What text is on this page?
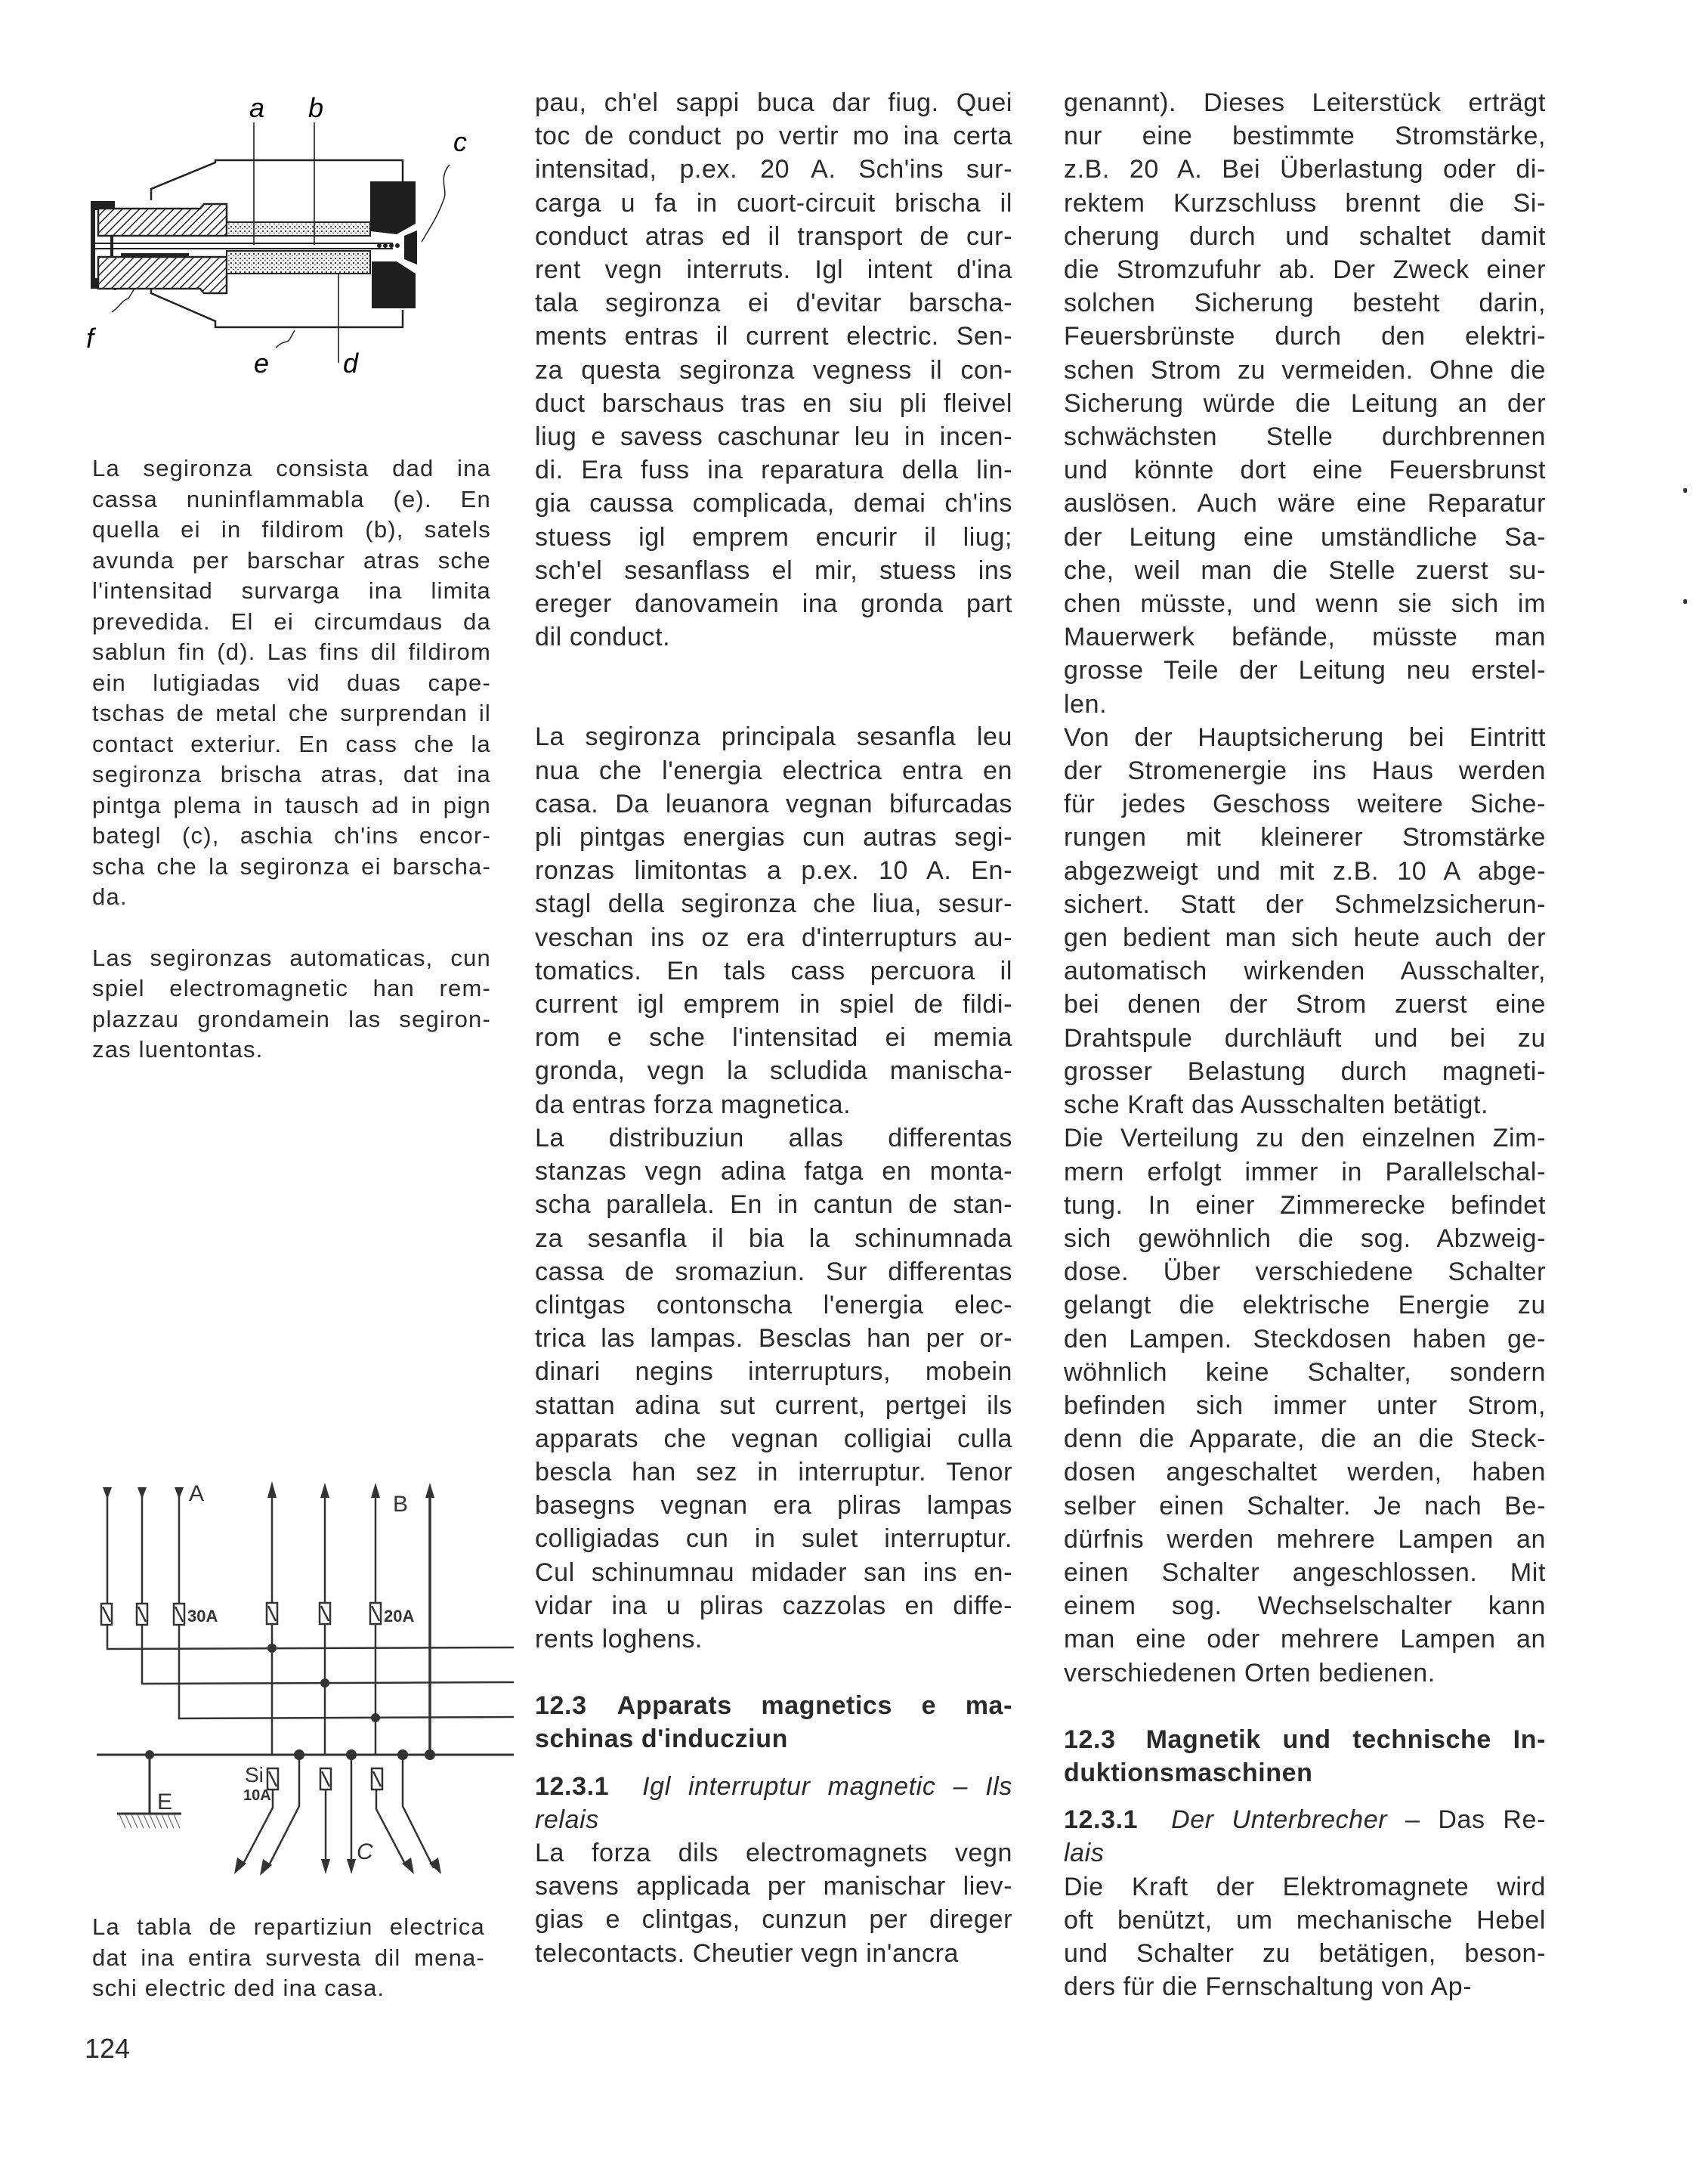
a b
c
f
e	d
La segironza consista dad ina
cassa nuninflammabla (e). En
quella ei in fildirom (b), satels
avunda per barschar atras sche
l'intensitad survarga ina limita
prevedida. El ei circumdaus da
sablun fin (d). Las fins dil fildirom
ein lutigiadas vid duas cape-
tschas de metal che surprendan il
contact exteriur. En cass che la
segironza brischa atras, dat ina
pintga plema in tausch ad in pign
bategl (c), aschia ch'ins encor-
scha che la segironza ei barscha-
da.
Las segironzas automaticas, cun
spiel electromagnetic han rem-
plazzau grondamein las segiron-
zas luentontas.
A	B
30A	20A
Si
10A
E
C
La tabla de repartiziun electrica
dat ina entira survesta dil mena-
schi electric ded ina casa.
124
pau, ch'el sappi buca dar fiug. Quei
toc de conduct po vertir mo ina certa
intensitad, p.ex. 20 A. Sch'ins sur-
carga u fa in cuort-circuit brischa il
conduct atras ed il transport de cur-
rent vegn interruts. Igl intent d'ina
tala segironza ei d'evitar barscha-
ments entras il current electric. Sen-
za questa segironza vegness il con-
duct barschaus tras en siu pli fleivel
liug e savess caschunar leu in incen-
di. Era fuss ina reparatura della lin-
gia caussa complicada, demai ch'ins
stuess igl emprem encurir il liug;
sch'el sesanflass el mir, stuess ins
ereger danovamein ina gronda part
dil conduct.
La segironza principala sesanfla leu
nua che l'energia electrica entra en
casa. Da leuanora vegnan bifurcadas
pli pintgas energias cun autras segi-
ronzas limitontas a p.ex. 10 A. En-
stagl della segironza che liua, sesur-
veschan ins oz era d'interrupturs au-
tomatics. En tals cass percuora il
current igl emprem in spiel de fildi-
rom e sche l'intensitad ei memia
gronda, vegn la scludida manischa-
da entras forza magnetica.
La distribuziun allas differentas
stanzas vegn adina fatga en monta-
scha parallela. En in cantun de stan-
za sesanfla il bia la schinumnada
cassa de sromaziun. Sur differentas
clintgas contonscha l'energia elec-
trica las lampas. Besclas han per or-
dinari negins interrupturs, mobein
stattan adina sut current, pertgei ils
apparats che vegnan colligiai culla
bescla han sez in interruptur. Tenor
basegns vegnan era pliras lampas
colligiadas cun in sulet interruptur.
Cul schinumnau midader san ins en-
vidar ina u pliras cazzolas en diffe-
rents loghens.
12.3 Apparats magnetics e ma-
schinas d'inducziun
12.3.1 Igl interruptur magnetic – Ils
relais
La forza dils electromagnets vegn
savens applicada per manischar liev-
gias e clintgas, cunzun per direger
telecontacts. Cheutier vegn in'ancra
genannt). Dieses Leiterstück erträgt
nur eine bestimmte Stromstärke,
z.B. 20 A. Bei Überlastung oder di-
rektem Kurzschluss brennt die Si-
cherung durch und schaltet damit
die Stromzufuhr ab. Der Zweck einer
solchen Sicherung besteht darin,
Feuersbrünste durch den elektri-
schen Strom zu vermeiden. Ohne die
Sicherung würde die Leitung an der
schwächsten Stelle durchbrennen
und könnte dort eine Feuersbrunst
auslösen. Auch wäre eine Reparatur
der Leitung eine umständliche Sa-
che, weil man die Stelle zuerst su-
chen müsste, und wenn sie sich im
Mauerwerk befände, müsste man
grosse Teile der Leitung neu erstel-
len.
Von der Hauptsicherung bei Eintritt
der Stromenergie ins Haus werden
für jedes Geschoss weitere Siche-
rungen mit kleinerer Stromstärke
abgezweigt und mit z.B. 10 A abge-
sichert. Statt der Schmelzsicherun-
gen bedient man sich heute auch der
automatisch wirkenden Ausschalter,
bei denen der Strom zuerst eine
Drahtspule durchläuft und bei zu
grosser Belastung durch magneti-
sche Kraft das Ausschalten betätigt.
Die Verteilung zu den einzelnen Zim-
mern erfolgt immer in Parallelschal-
tung. In einer Zimmerecke befindet
sich gewöhnlich die sog. Abzweig-
dose. Über verschiedene Schalter
gelangt die elektrische Energie zu
den Lampen. Steckdosen haben ge-
wöhnlich keine Schalter, sondern
befinden sich immer unter Strom,
denn die Apparate, die an die Steck-
dosen angeschaltet werden, haben
selber einen Schalter. Je nach Be-
dürfnis werden mehrere Lampen an
einen Schalter angeschlossen. Mit
einem sog. Wechselschalter kann
man eine oder mehrere Lampen an
verschiedenen Orten bedienen.
12.3 Magnetik und technische In-
duktionsmaschinen
12.3.1 Der Unterbrecher – Das Re-
lais
Die Kraft der Elektromagnete wird
oft benützt, um mechanische Hebel
und Schalter zu betätigen, beson-
ders für die Fernschaltung von Ap-
